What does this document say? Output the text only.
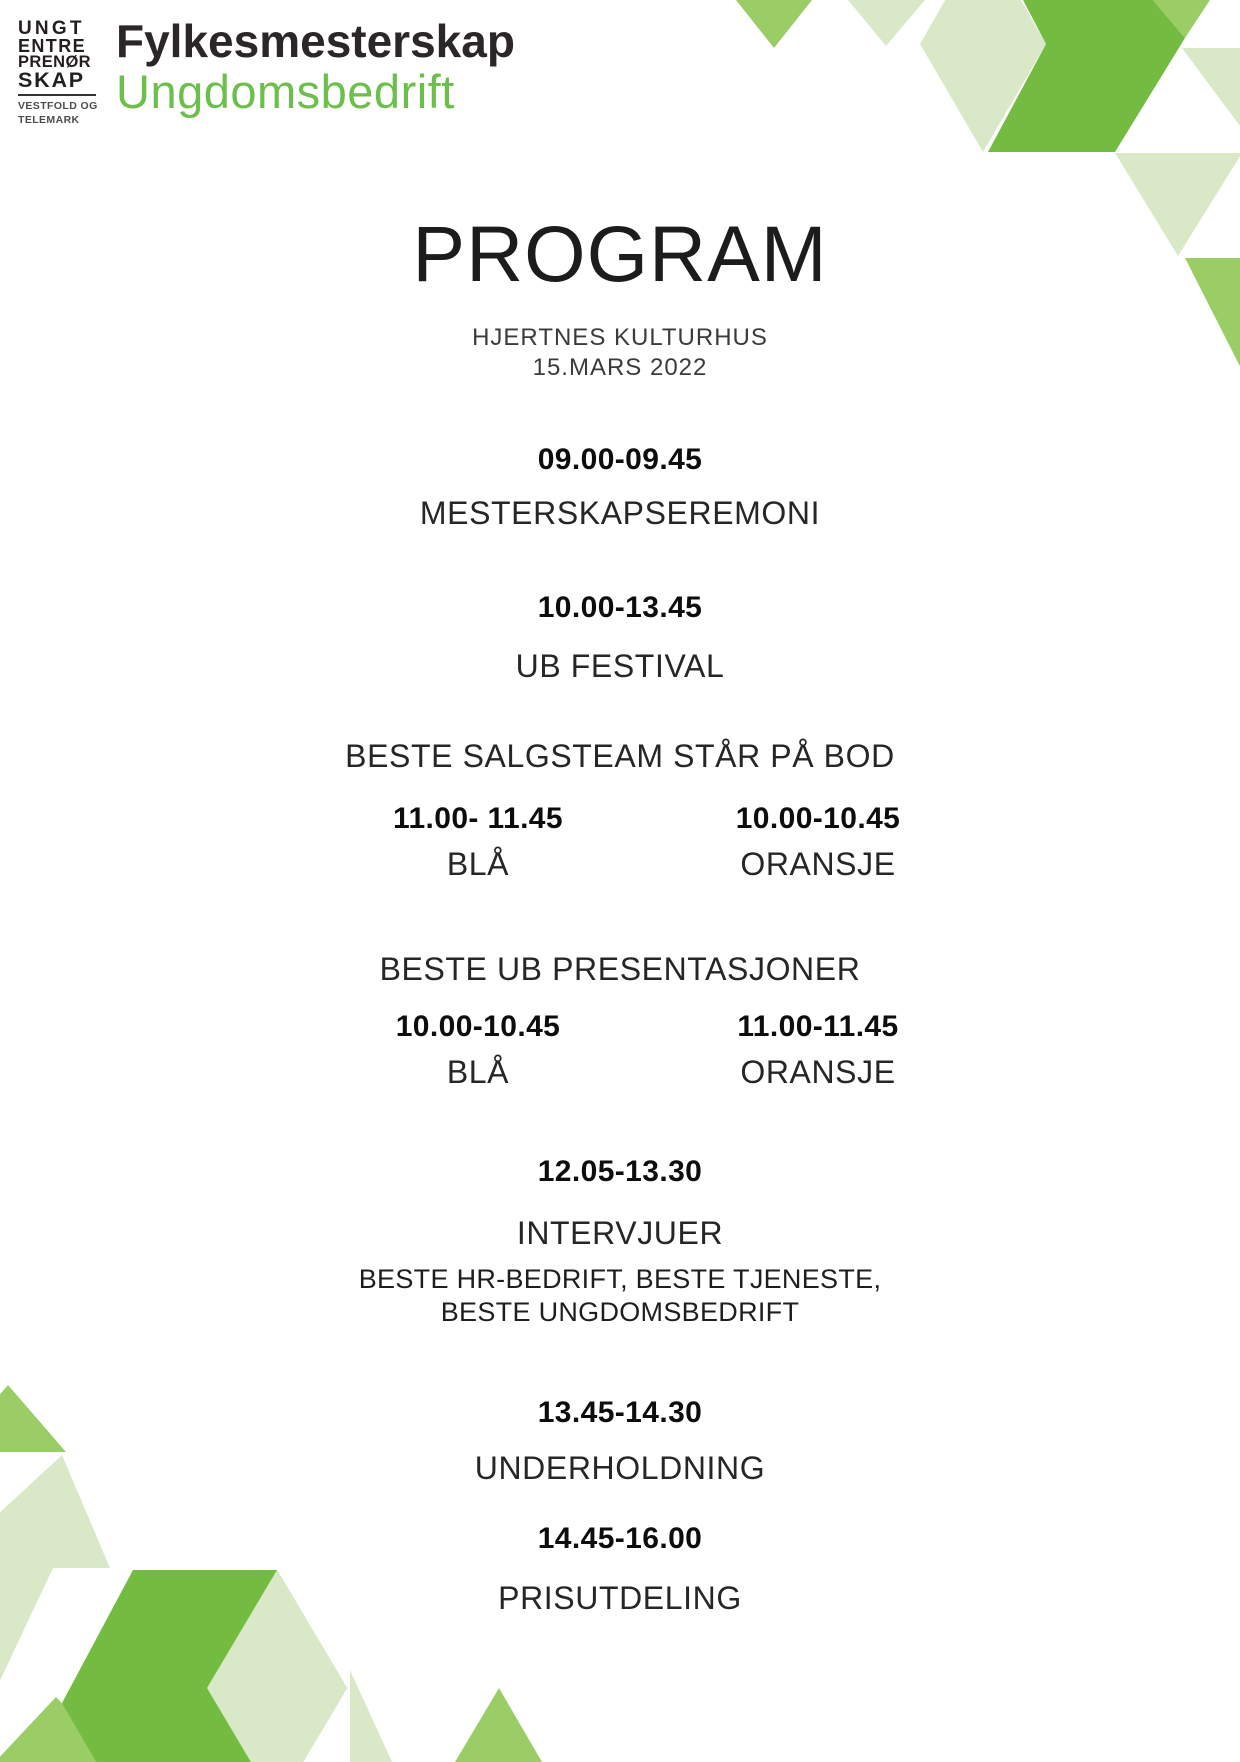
UNGT
ENTRE
PRENØR
SKAP
VESTFOLD OG
TELEMARK
Fylkesmesterskap
Ungdomsbedrift
PROGRAM
HJERTNES KULTURHUS
15.MARS 2022
09.00-09.45
MESTERSKAPSEREMONI
10.00-13.45
UB FESTIVAL
BESTE SALGSTEAM STÅR PÅ BOD
11.00- 11.45	10.00-10.45
BLÅ	ORANSJE
BESTE UB PRESENTASJONER
10.00-10.45	11.00-11.45
BLÅ	ORANSJE
12.05-13.30
INTERVJUER
BESTE HR-BEDRIFT, BESTE TJENESTE,
BESTE UNGDOMSBEDRIFT
13.45-14.30
UNDERHOLDNING
14.45-16.00
PRISUTDELING
